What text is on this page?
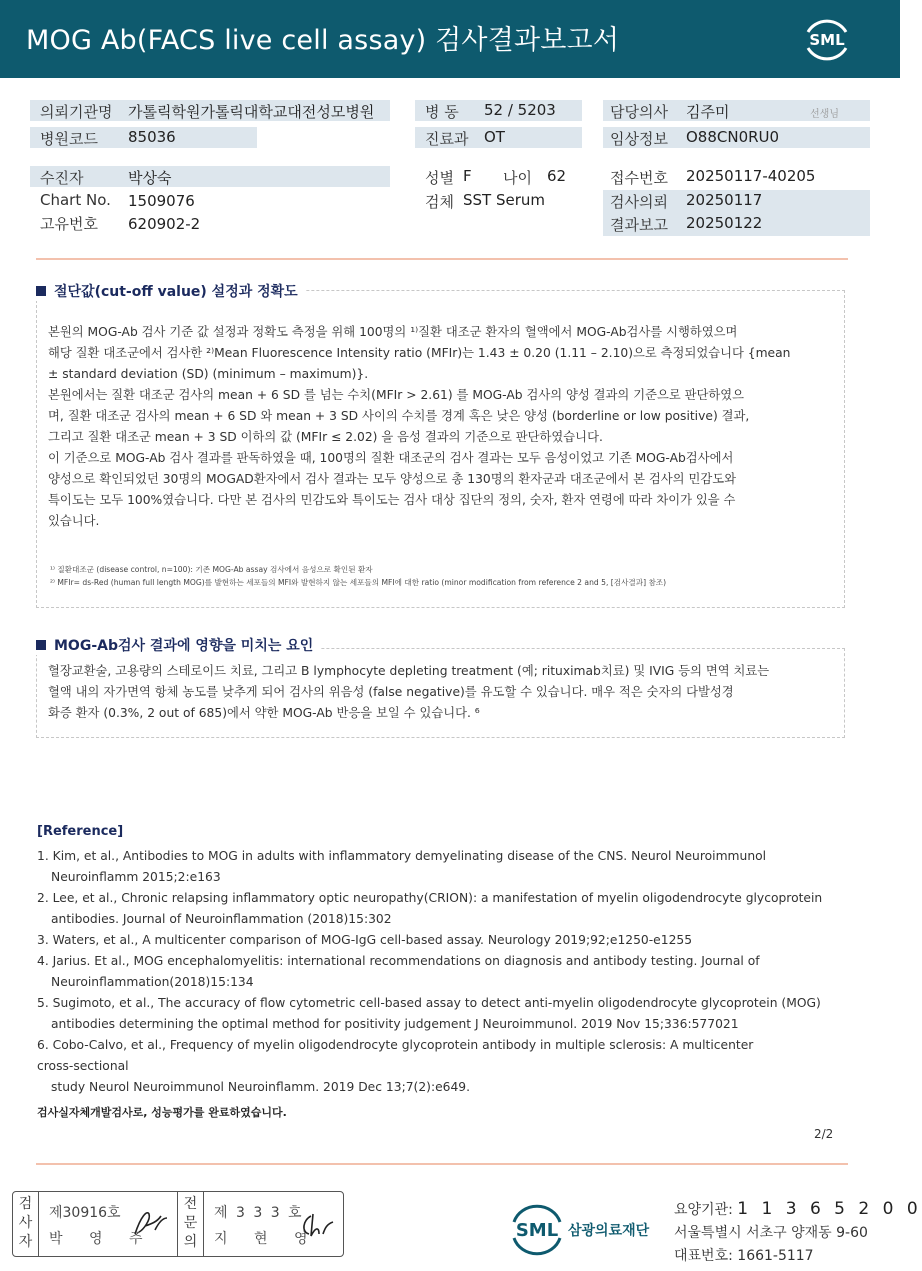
MOG Ab(FACS live cell assay) 검사결과보고서	SML
의뢰기관명 가톨릭학원가톨릭대학교대전성모병원
병원코드 85036
병 동 52 / 5203
진료과 OT
담당의사 김주미	선생님
임상정보 O88CN0RU0
수진자	박상숙
Chart No. 1509076
고유번호 620902-2
성별 F 나이 62
검체 SST Serum
접수번호 20250117-40205
검사의뢰 20250117
결과보고 20250122
절단값(cut-off value) 설정과 정확도

본원의 MOG-Ab 검사 기준 값 설정과 정확도 측정을 위해 100명의 ¹⁾질환 대조군 환자의 혈액에서 MOG-Ab검사를 시행하였으며

해당 질환 대조군에서 검사한 ²⁾Mean Fluorescence Intensity ratio (MFIr)는 1.43 ± 0.20 (1.11 – 2.10)으로 측정되었습니다 {mean

± standard deviation (SD) (minimum – maximum)}.

본원에서는 질환 대조군 검사의 mean + 6 SD 를 넘는 수치(MFIr > 2.61) 를 MOG-Ab 검사의 양성 결과의 기준으로 판단하였으

며, 질환 대조군 검사의 mean + 6 SD 와 mean + 3 SD 사이의 수치를 경계 혹은 낮은 양성 (borderline or low positive) 결과,

그리고 질환 대조군 mean + 3 SD 이하의 값 (MFIr ≤ 2.02) 을 음성 결과의 기준으로 판단하였습니다.

이 기준으로 MOG-Ab 검사 결과를 판독하였을 때, 100명의 질환 대조군의 검사 결과는 모두 음성이었고 기존 MOG-Ab검사에서

양성으로 확인되었던 30명의 MOGAD환자에서 검사 결과는 모두 양성으로 총 130명의 환자군과 대조군에서 본 검사의 민감도와

특이도는 모두 100%였습니다. 다만 본 검사의 민감도와 특이도는 검사 대상 집단의 정의, 숫자, 환자 연령에 따라 차이가 있을 수

있습니다.

¹⁾ 질환대조군 (disease control, n=100): 기존 MOG-Ab assay 검사에서 음성으로 확인된 환자
²⁾ MFIr= ds-Red (human full length MOG)를 발현하는 세포들의 MFI와 발현하지 않는 세포들의 MFI에 대한 ratio (minor modification from reference 2 and 5, [검사결과] 참조)
MOG-Ab검사 결과에 영향을 미치는 요인

혈장교환술, 고용량의 스테로이드 치료, 그리고 B lymphocyte depleting treatment (예; rituximab치료) 및 IVIG 등의 면역 치료는

혈액 내의 자가면역 항체 농도를 낮추게 되어 검사의 위음성 (false negative)를 유도할 수 있습니다. 매우 적은 숫자의 다발성경

화증 환자 (0.3%, 2 out of 685)에서 약한 MOG-Ab 반응을 보일 수 있습니다. ⁶

[Reference]

1. Kim, et al., Antibodies to MOG in adults with inflammatory demyelinating disease of the CNS. Neurol Neuroimmunol

Neuroinflamm 2015;2:e163

2. Lee, et al., Chronic relapsing inflammatory optic neuropathy(CRION): a manifestation of myelin oligodendrocyte glycoprotein

antibodies. Journal of Neuroinflammation (2018)15:302

3. Waters, et al., A multicenter comparison of MOG-IgG cell-based assay. Neurology 2019;92;e1250-e1255

4. Jarius. Et al., MOG encephalomyelitis: international recommendations on diagnosis and antibody testing. Journal of

Neuroinflammation(2018)15:134

5. Sugimoto, et al., The accuracy of flow cytometric cell-based assay to detect anti-myelin oligodendrocyte glycoprotein (MOG)

antibodies determining the optimal method for positivity judgement J Neuroimmunol. 2019 Nov 15;336:577021

6. Cobo-Calvo, et al., Frequency of myelin oligodendrocyte glycoprotein antibody in multiple sclerosis: A multicenter

cross-sectional

study Neurol Neuroimmunol Neuroinflamm. 2019 Dec 13;7(2):e649.

검사실자체개발검사로, 성능평가를 완료하였습니다.
2/2
검
사
자
제30916호
박 영 주
전
문
의
제 3 3 3 호
지 현 영	SML 삼광의료재단
요양기관: 1 1 3 6 5 2 0 0
서울특별시 서초구 양재동 9-60
대표번호: 1661-5117
